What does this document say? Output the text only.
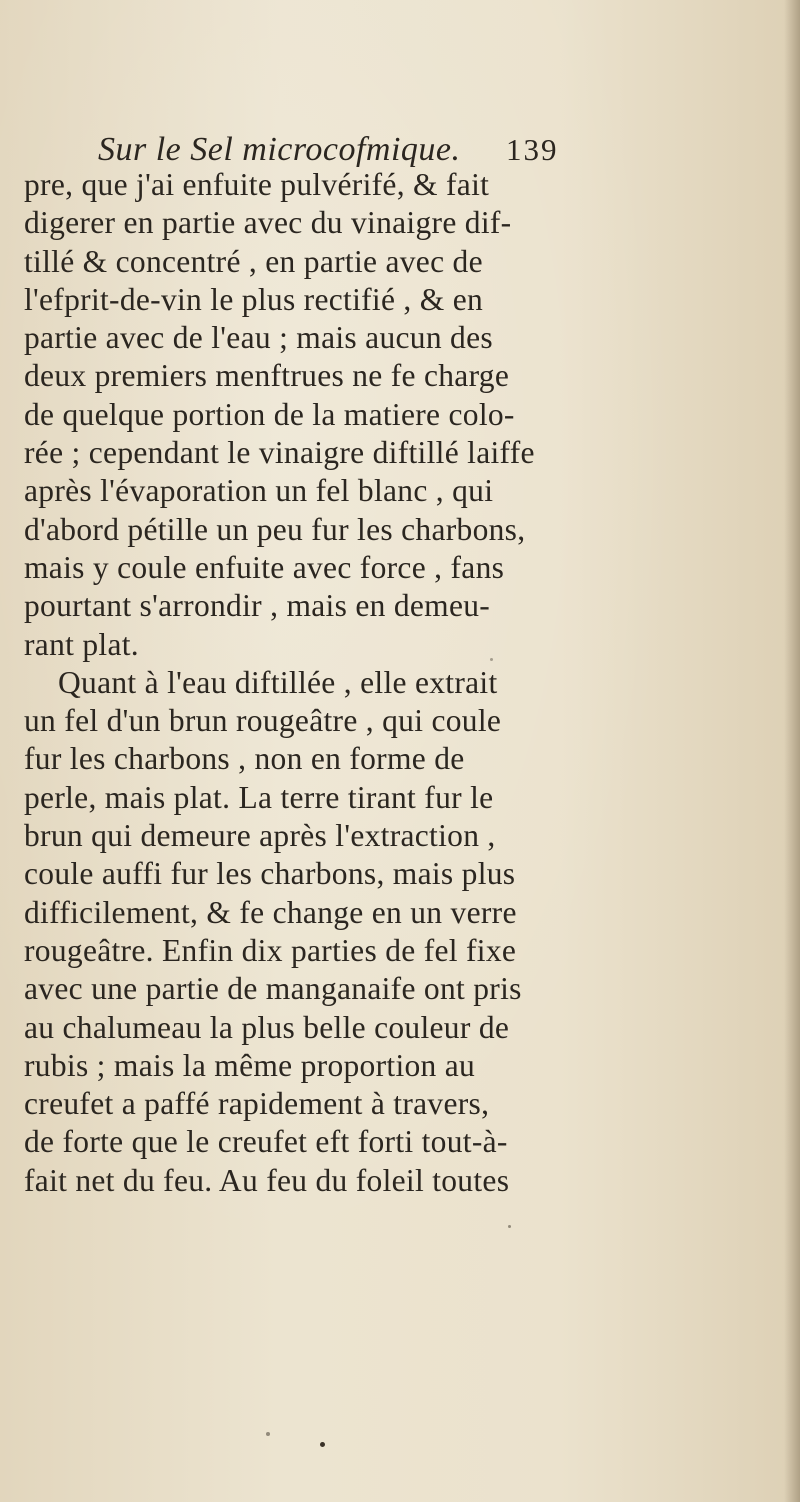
Sur le Sel microcofmique.	139
pre, que j'ai enfuite pulvérifé, & fait
digerer en partie avec du vinaigre dif-
tillé & concentré , en partie avec de
l'efprit-de-vin le plus rectifié , & en
partie avec de l'eau ; mais aucun des
deux premiers menftrues ne fe charge
de quelque portion de la matiere colo-
rée ; cependant le vinaigre diftillé laiffe
après l'évaporation un fel blanc , qui
d'abord pétille un peu fur les charbons,
mais y coule enfuite avec force , fans
pourtant s'arrondir , mais en demeu-
rant plat.
Quant à l'eau diftillée , elle extrait
un fel d'un brun rougeâtre , qui coule
fur les charbons , non en forme de
perle, mais plat. La terre tirant fur le
brun qui demeure après l'extraction ,
coule auffi fur les charbons, mais plus
difficilement, & fe change en un verre
rougeâtre. Enfin dix parties de fel fixe
avec une partie de manganaife ont pris
au chalumeau la plus belle couleur de
rubis ; mais la même proportion au
creufet a paffé rapidement à travers,
de forte que le creufet eft forti tout-à-
fait net du feu. Au feu du foleil toutes
